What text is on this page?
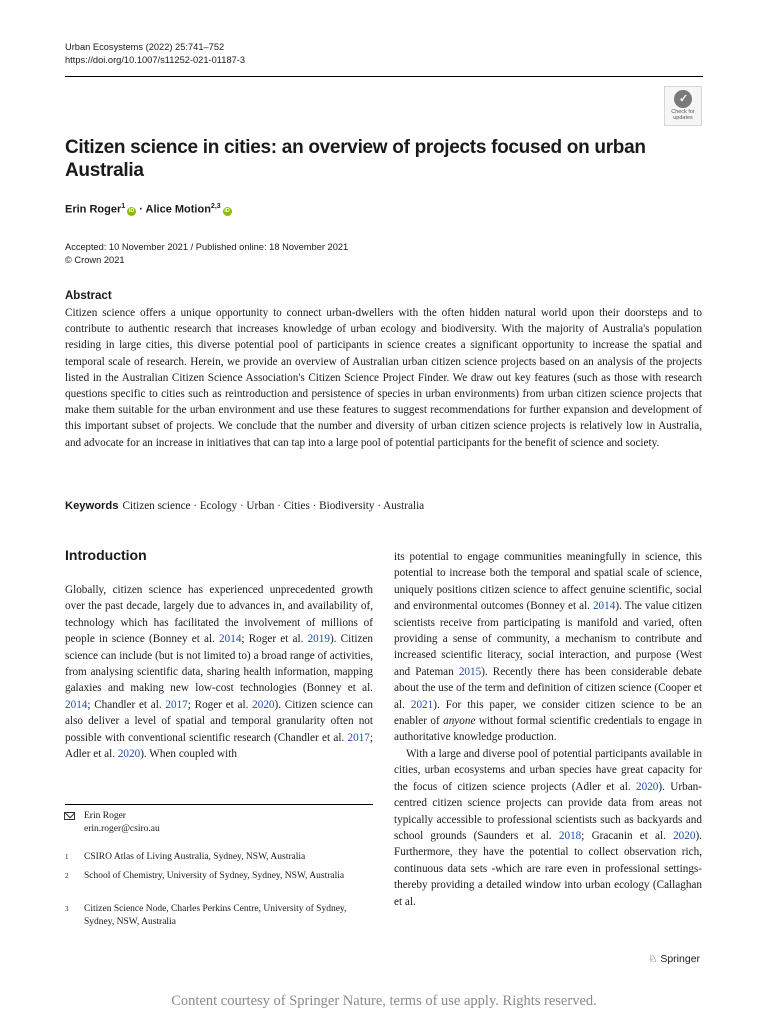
Urban Ecosystems (2022) 25:741–752
https://doi.org/10.1007/s11252-021-01187-3
✓
Check for updates
Citizen science in cities: an overview of projects focused on urban Australia
Erin Roger$^1$iD · Alice Motion$^{2,3}$iD
Accepted: 10 November 2021 / Published online: 18 November 2021
© Crown 2021
Abstract
Citizen science offers a unique opportunity to connect urban-dwellers with the often hidden natural world upon their doorsteps and to contribute to authentic research that increases knowledge of urban ecology and biodiversity. With the majority of Australia's population residing in large cities, this diverse potential pool of participants in science creates a significant opportunity to increase the spatial and temporal scale of research. Herein, we provide an overview of Australian urban citizen science projects based on an analysis of the projects listed in the Australian Citizen Science Association's Citizen Science Project Finder. We draw out key features (such as those with research questions specific to cities such as reintroduction and persistence of species in urban environments) from urban citizen science projects that make them suitable for the urban environment and use these features to suggest recommendations for further expansion and development of this important subset of projects. We conclude that the number and diversity of urban citizen science projects is relatively low in Australia, and advocate for an increase in initiatives that can tap into a large pool of potential participants for the benefit of science and society.
Keywords Citizen science · Ecology · Urban · Cities · Biodiversity · Australia
Introduction

Globally, citizen science has experienced unprecedented growth over the past decade, largely due to advances in, and availability of, technology which has facilitated the involvement of millions of people in science (Bonney et al. 2014; Roger et al. 2019). Citizen science can include (but is not limited to) a broad range of activities, from analysing scientific data, sharing health information, mapping galaxies and making new low-cost technologies (Bonney et al. 2014; Chandler et al. 2017; Roger et al. 2020). Citizen science can also deliver a level of spatial and temporal granularity often not possible with conventional scientific research (Chandler et al. 2017; Adler et al. 2020). When coupled with

its potential to engage communities meaningfully in science, this potential to increase both the temporal and spatial scale of science, uniquely positions citizen science to affect genuine scientific, social and environmental outcomes (Bonney et al. 2014). The value citizen scientists receive from participating is manifold and varied, often providing a sense of community, a mechanism to contribute and increased scientific literacy, social interaction, and purpose (West and Pateman 2015). Recently there has been considerable debate about the use of the term and definition of citizen science (Cooper et al. 2021). For this paper, we consider citizen science to be an enabler of anyone without formal scientific credentials to engage in authoritative knowledge production.

With a large and diverse pool of potential participants available in cities, urban ecosystems and urban species have great capacity for the focus of citizen science projects (Adler et al. 2020). Urban-centred citizen science projects can provide data from areas not typically accessible to professional scientists such as backyards and school grounds (Saunders et al. 2018; Gracanin et al. 2020). Furthermore, they have the potential to collect observation rich, continuous data sets -which are rare even in professional settings- thereby providing a detailed window into urban ecology (Callaghan et al.

Erin Roger
erin.roger@csiro.au
1 CSIRO Atlas of Living Australia, Sydney, NSW, Australia
2 School of Chemistry, University of Sydney, Sydney, NSW, Australia
3 Citizen Science Node, Charles Perkins Centre, University of Sydney, Sydney, NSW, Australia
♘ Springer
Content courtesy of Springer Nature, terms of use apply. Rights reserved.
